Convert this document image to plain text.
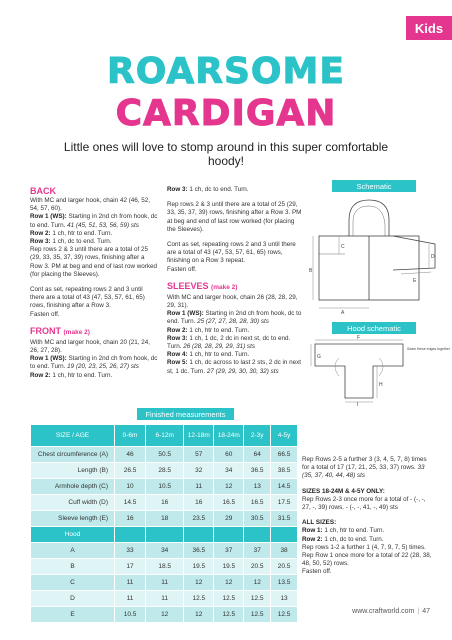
Kids
ROARSOME
CARDIGAN
Little ones will love to stomp around in this super comfortable hoody!
BACK

With MC and larger hook, chain 42 (46, 52, 54, 57, 60).

Row 1 (WS): Starting in 2nd ch from hook, dc to end. Turn. 41 (45, 51, 53, 56, 59) sts
Row 2: 1 ch, htr to end. Turn.
Row 3: 1 ch, dc to end. Turn.

Rep rows 2 & 3 until there are a total of 25 (29, 33, 35, 37, 39) rows, finishing after a Row 3. PM at beg and end of last row worked (for placing the Sleeves).

Cont as set, repeating rows 2 and 3 until there are a total of 43 (47, 53, 57, 61, 65) rows, finishing after a Row 3.

Fasten off.

FRONT (make 2)
With MC and larger hook, chain 20 (21, 24, 26, 27, 28).
Row 1 (WS): Starting in 2nd ch from hook, dc to end. Turn. 19 (20, 23, 25, 26, 27) sts
Row 2: 1 ch, htr to end. Turn.

Row 3: 1 ch, dc to end. Turn.

Rep rows 2 & 3 until there are a total of 25 (29, 33, 35, 37, 39) rows, finishing after a Row 3. PM at beg and end of last row worked (for placing the Sleeves).

Cont as set, repeating rows 2 and 3 until there are a total of 43 (47, 53, 57, 61, 65) rows, finishing on a Row 3 repeat.

Fasten off.

SLEEVES (make 2)
With MC and larger hook, chain 26 (28, 28, 29, 29, 31).
Row 1 (WS): Starting in 2nd ch from hook, dc to end. Turn. 25 (27, 27, 28, 28, 30) sts
Row 2: 1 ch, htr to end. Turn.
Row 3: 1 ch, 1 dc, 2 dc in next st, dc to end. Turn. 26 (28, 28, 29, 29, 31) sts
Row 4: 1 ch, htr to end. Turn.
Row 5: 1 ch, dc across to last 2 sts, 2 dc in next st, 1 dc. Turn. 27 (29, 29, 30, 30, 32) sts
Schematic
A
B
C
D
E
Hood schematic
F
G
H
I
Seam these edges together
Finished measurements
SIZE / AGE	0-6m	6-12m	12-18m	18-24m	2-3y	4-5y
Chest circumference (A)	46	50.5	57	60	64	66.5
Length (B)	26.5	28.5	32	34	36.5	38.5
Armhole depth (C)	10	10.5	11	12	13	14.5
Cuff width (D)	14.5	16	16	16.5	16.5	17.5
Sleeve length (E)	16	18	23.5	29	30.5	31.5
Hood						
A	33	34	36.5	37	37	38
B	17	18.5	19.5	19.5	20.5	20.5
C	11	11	12	12	12	13.5
D	11	11	12.5	12.5	12.5	13
E	10.5	12	12	12.5	12.5	12.5

Rep Rows 2-5 a further 3 (3, 4, 5, 7, 8) times for a total of 17 (17, 21, 25, 33, 37) rows. 33 (35, 37, 40, 44, 48) sts

SIZES 18-24M & 4-5Y ONLY:

Rep Rows 2-3 once more for a total of - (-, -, 27, -, 39) rows. - (-, -, 41, -, 49) sts

ALL SIZES:
Row 1: 1 ch, htr to end. Turn.
Row 2: 1 ch, dc to end. Turn.
Rep rows 1-2 a further 1 (4, 7, 9, 7, 5) times.
Rep Row 1 once more for a total of 22 (28, 38, 48, 50, 52) rows.
Fasten off.
www.craftworld.com | 47
